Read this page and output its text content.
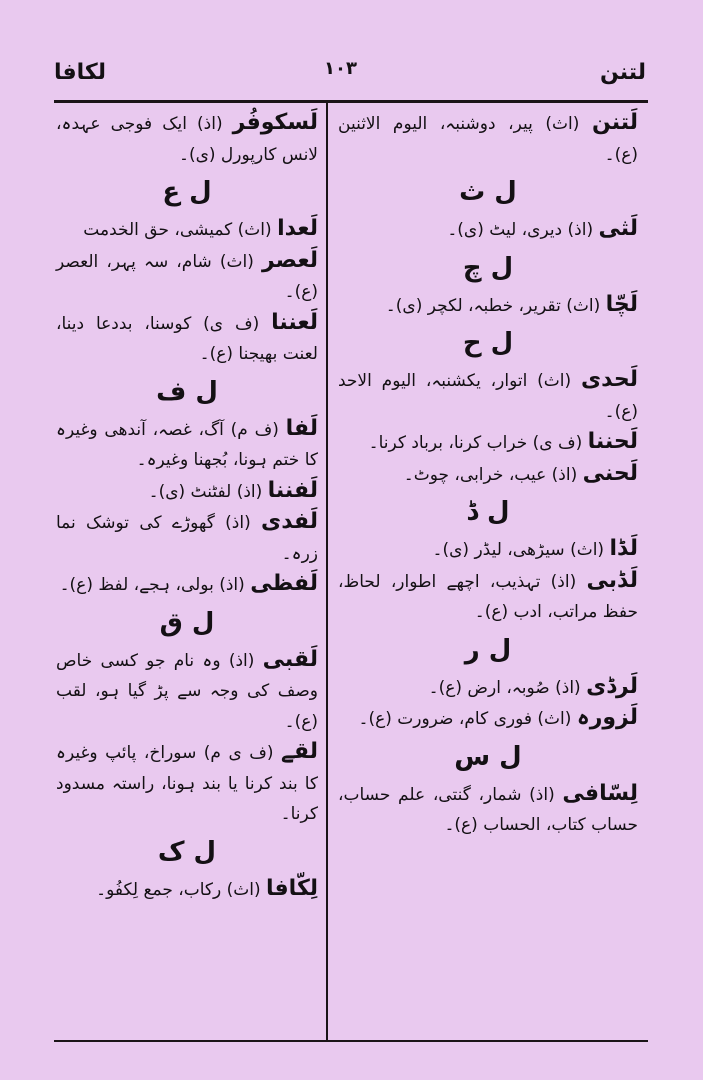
لکافا	۱۰۳	لتنن

لَتنن (اث) پیر، دوشنبہ، الیوم الاثنین (ع)۔

ل ث

لَثی (اذ) دیری، لیٹ (ی)۔

ل چ

لَچّا (اث) تقریر، خطبہ، لکچر (ی)۔

ل ح

لَحدی (اث) اتوار، یکشنبہ، الیوم الاحد (ع)۔

لَحننا (ف ی) خراب کرنا، برباد کرنا۔

لَحنی (اذ) عیب، خرابی، چوٹ۔

ل ڈ

لَڈا (اث) سیڑھی، لیڈر (ی)۔

لَڈبی (اذ) تہذیب، اچھے اطوار، لحاظ، حفظ مراتب، ادب (ع)۔

ل ر

لَرڈی (اذ) صُوبہ، ارض (ع)۔

لَزورہ (اث) فوری کام، ضرورت (ع)۔

ل س

لِسّافی (اذ) شمار، گنتی، علم حساب، حساب کتاب، الحساب (ع)۔

لَسکوفُر (اذ) ایک فوجی عہدہ، لانس کارپورل (ی)۔

ل ع

لَعدا (اث) کمیشی، حق الخدمت

لَعصر (اث) شام، سہ پہر، العصر (ع)۔

لَعننا (ف ی) کوسنا، بددعا دینا، لعنت بھیجنا (ع)۔

ل ف

لَفا (ف م) آگ، غصہ، آندھی وغیرہ کا ختم ہونا، بُجھنا وغیرہ۔

لَفننا (اذ) لفٹنٹ (ی)۔

لَفدی (اذ) گھوڑے کی توشک نما زرہ۔

لَفظی (اذ) بولی، ہجے، لفظ (ع)۔

ل ق

لَقبی (اذ) وہ نام جو کسی خاص وصف کی وجہ سے پڑ گیا ہو، لقب (ع)۔

لقے (ف ی م) سوراخ، پائپ وغیرہ کا بند کرنا یا بند ہونا، راستہ مسدود کرنا۔

ل ک

لِکّافا (اث) رکاب، جمع لِکفُو۔
